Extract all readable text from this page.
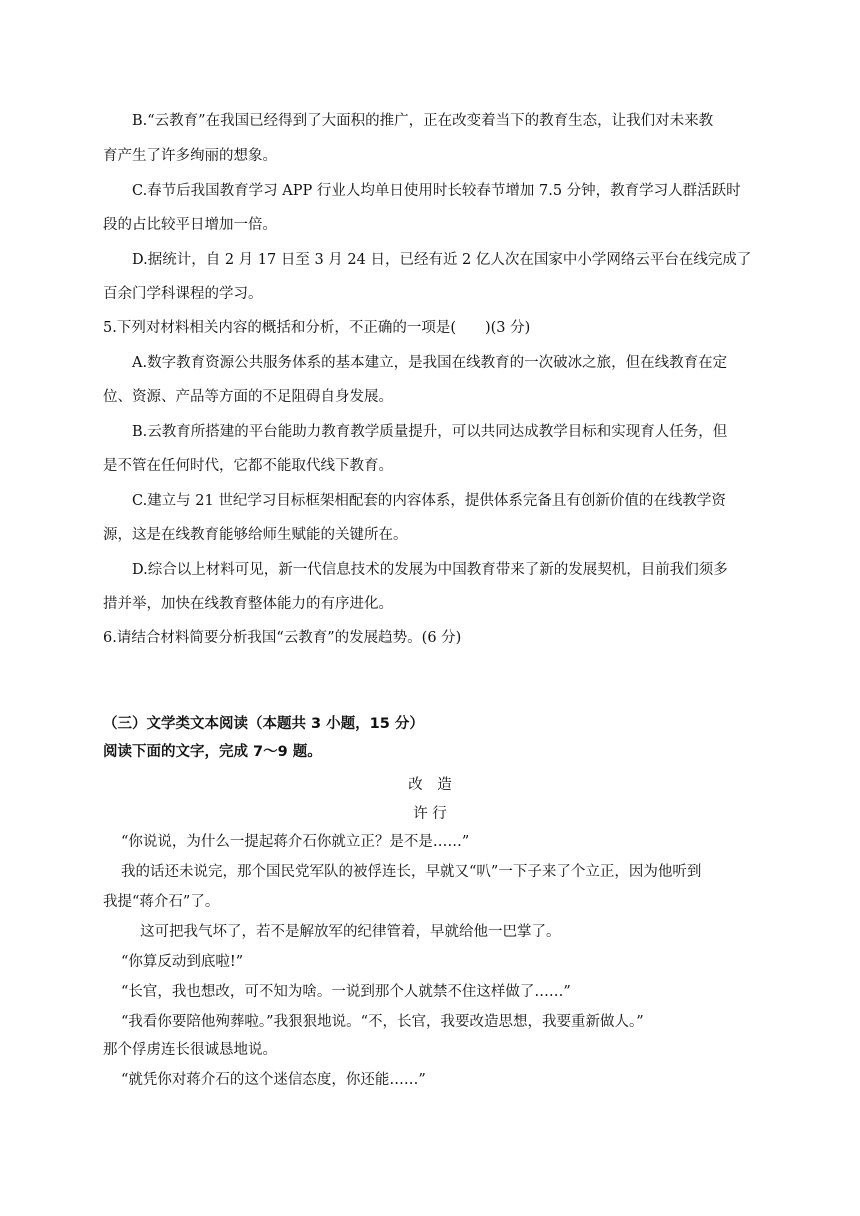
B.“云教育”在我国已经得到了大面积的推广，正在改变着当下的教育生态，让我们对未来教
育产生了许多绚丽的想象。
C.春节后我国教育学习 APP 行业人均单日使用时长较春节增加 7.5 分钟，教育学习人群活跃时
段的占比较平日增加一倍。
D.据统计，自 2 月 17 日至 3 月 24 日，已经有近 2 亿人次在国家中小学网络云平台在线完成了
百余门学科课程的学习。
5.下列对材料相关内容的概括和分析，不正确的一项是(　　)(3 分)
A.数字教育资源公共服务体系的基本建立，是我国在线教育的一次破冰之旅，但在线教育在定
位、资源、产品等方面的不足阻碍自身发展。
B.云教育所搭建的平台能助力教育教学质量提升，可以共同达成教学目标和实现育人任务，但
是不管在任何时代，它都不能取代线下教育。
C.建立与 21 世纪学习目标框架相配套的内容体系，提供体系完备且有创新价值的在线教学资
源，这是在线教育能够给师生赋能的关键所在。
D.综合以上材料可见，新一代信息技术的发展为中国教育带来了新的发展契机，目前我们须多
措并举，加快在线教育整体能力的有序进化。
6.请结合材料简要分析我国“云教育”的发展趋势。(6 分)
（三）文学类文本阅读（本题共 3 小题，15 分）
阅读下面的文字，完成 7～9 题。
改　造
许 行
“你说说，为什么一提起蒋介石你就立正？是不是……”
我的话还未说完，那个国民党军队的被俘连长，早就又“叭”一下子来了个立正，因为他听到
我提“蒋介石”了。
这可把我气坏了，若不是解放军的纪律管着，早就给他一巴掌了。
“你算反动到底啦!”
“长官，我也想改，可不知为啥。一说到那个人就禁不住这样做了……”
“我看你要陪他殉葬啦。”我狠狠地说。“不，长官，我要改造思想，我要重新做人。”
那个俘虏连长很诚恳地说。
“就凭你对蒋介石的这个迷信态度，你还能……”
